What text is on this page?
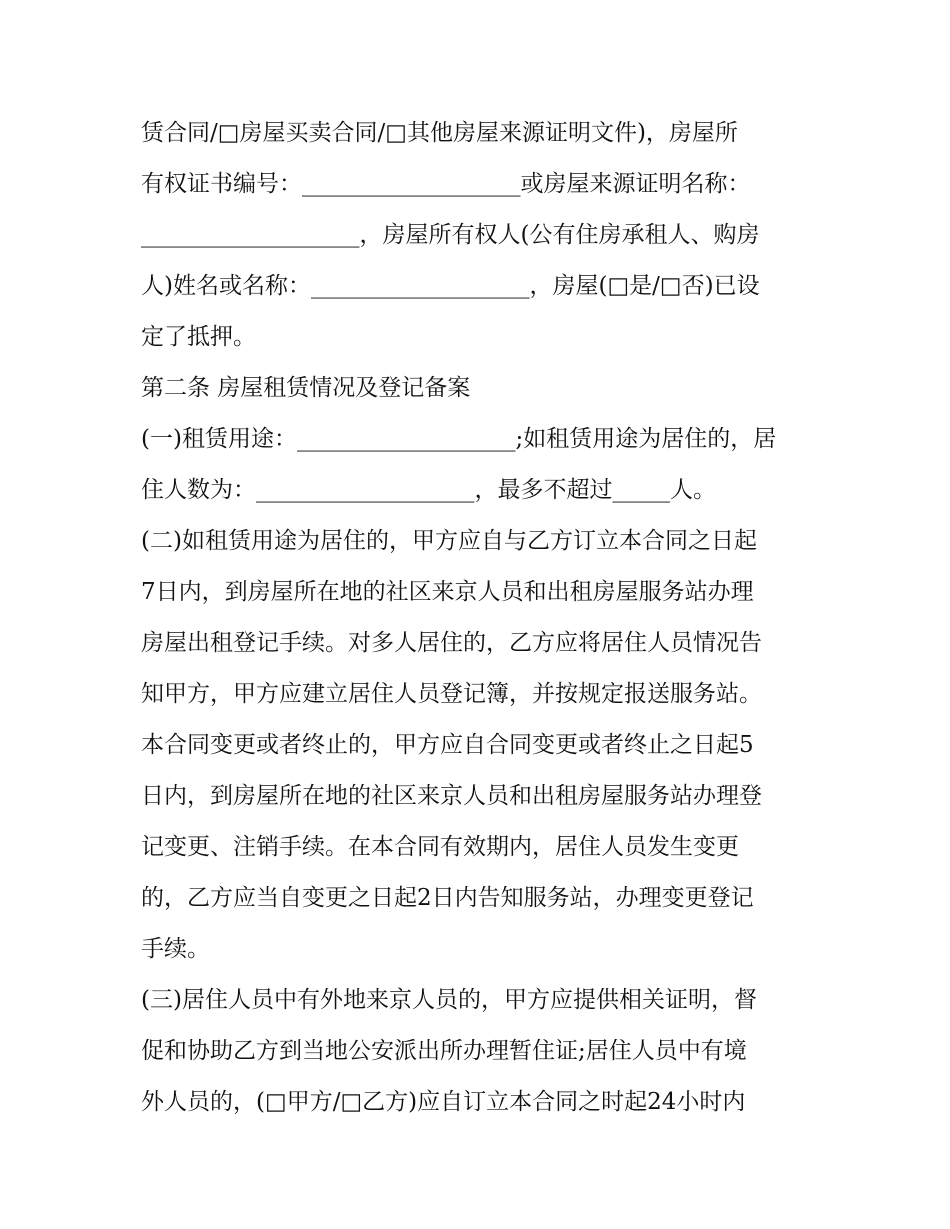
赁合同/□房屋买卖合同/□其他房屋来源证明文件)，房屋所
有权证书编号：___________________或房屋来源证明名称：
___________________，房屋所有权人(公有住房承租人、购房
人)姓名或名称：___________________，房屋(□是/□否)已设
定了抵押。
第二条 房屋租赁情况及登记备案
(一)租赁用途：___________________;如租赁用途为居住的，居
住人数为：___________________，最多不超过_____人。
(二)如租赁用途为居住的，甲方应自与乙方订立本合同之日起
7日内，到房屋所在地的社区来京人员和出租房屋服务站办理
房屋出租登记手续。对多人居住的，乙方应将居住人员情况告
知甲方，甲方应建立居住人员登记簿，并按规定报送服务站。
本合同变更或者终止的，甲方应自合同变更或者终止之日起5
日内，到房屋所在地的社区来京人员和出租房屋服务站办理登
记变更、注销手续。在本合同有效期内，居住人员发生变更
的，乙方应当自变更之日起2日内告知服务站，办理变更登记
手续。
(三)居住人员中有外地来京人员的，甲方应提供相关证明，督
促和协助乙方到当地公安派出所办理暂住证;居住人员中有境
外人员的，(□甲方/□乙方)应自订立本合同之时起24小时内
